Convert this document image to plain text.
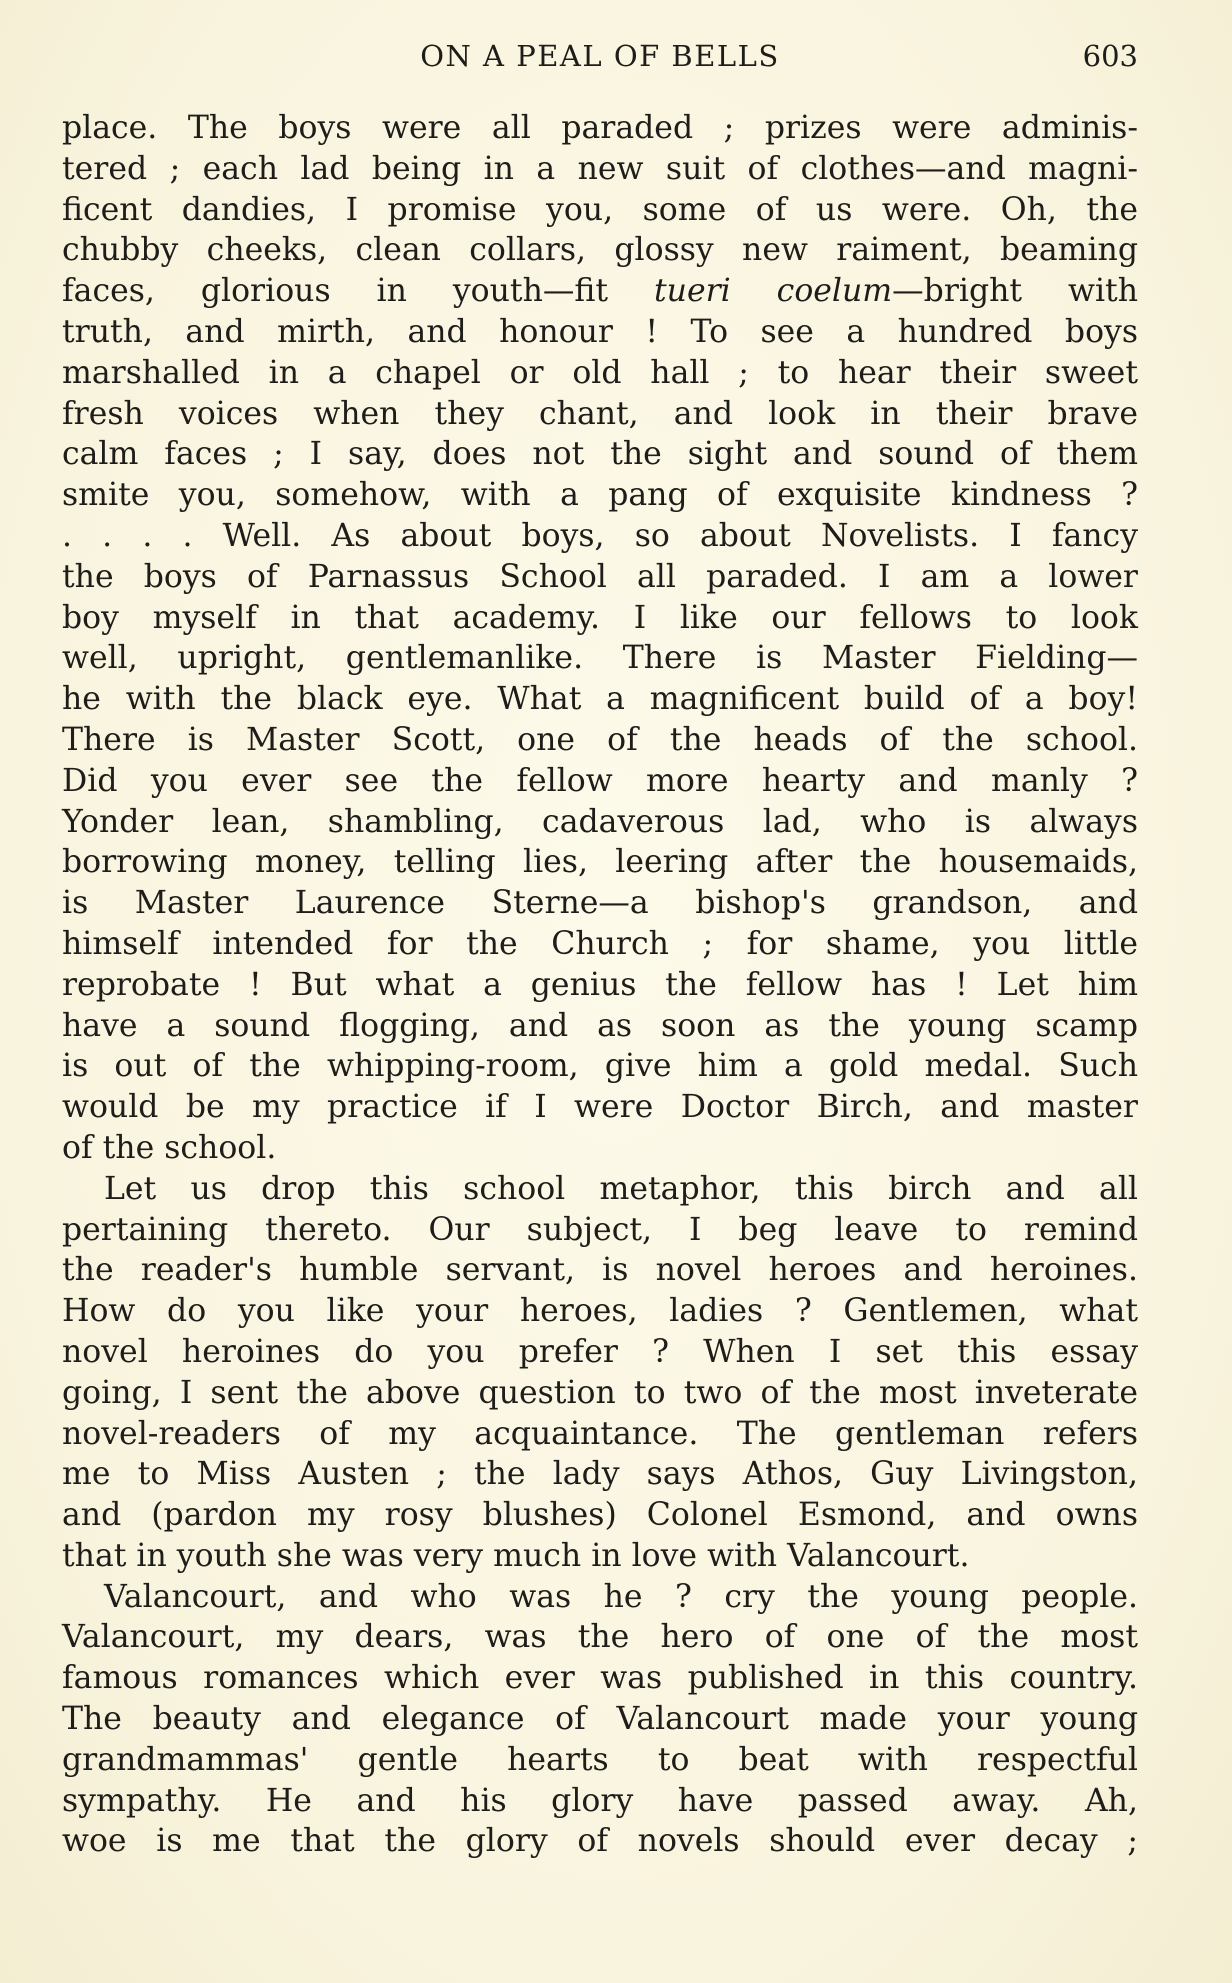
ON A PEAL OF BELLS	603
place. The boys were all paraded ; prizes were adminis-
tered ; each lad being in a new suit of clothes—and magni-
ficent dandies, I promise you, some of us were. Oh, the
chubby cheeks, clean collars, glossy new raiment, beaming
faces, glorious in youth—fit tueri coelum—bright with
truth, and mirth, and honour ! To see a hundred boys
marshalled in a chapel or old hall ; to hear their sweet
fresh voices when they chant, and look in their brave
calm faces ; I say, does not the sight and sound of them
smite you, somehow, with a pang of exquisite kindness ?
. . . . Well. As about boys, so about Novelists. I fancy
the boys of Parnassus School all paraded. I am a lower
boy myself in that academy. I like our fellows to look
well, upright, gentlemanlike. There is Master Fielding—
he with the black eye. What a magnificent build of a boy!
There is Master Scott, one of the heads of the school.
Did you ever see the fellow more hearty and manly ?
Yonder lean, shambling, cadaverous lad, who is always
borrowing money, telling lies, leering after the housemaids,
is Master Laurence Sterne—a bishop's grandson, and
himself intended for the Church ; for shame, you little
reprobate ! But what a genius the fellow has ! Let him
have a sound flogging, and as soon as the young scamp
is out of the whipping-room, give him a gold medal. Such
would be my practice if I were Doctor Birch, and master
of the school.
Let us drop this school metaphor, this birch and all
pertaining thereto. Our subject, I beg leave to remind
the reader's humble servant, is novel heroes and heroines.
How do you like your heroes, ladies ? Gentlemen, what
novel heroines do you prefer ? When I set this essay
going, I sent the above question to two of the most inveterate
novel-readers of my acquaintance. The gentleman refers
me to Miss Austen ; the lady says Athos, Guy Livingston,
and (pardon my rosy blushes) Colonel Esmond, and owns
that in youth she was very much in love with Valancourt.
Valancourt, and who was he ? cry the young people.
Valancourt, my dears, was the hero of one of the most
famous romances which ever was published in this country.
The beauty and elegance of Valancourt made your young
grandmammas' gentle hearts to beat with respectful
sympathy. He and his glory have passed away. Ah,
woe is me that the glory of novels should ever decay ;
